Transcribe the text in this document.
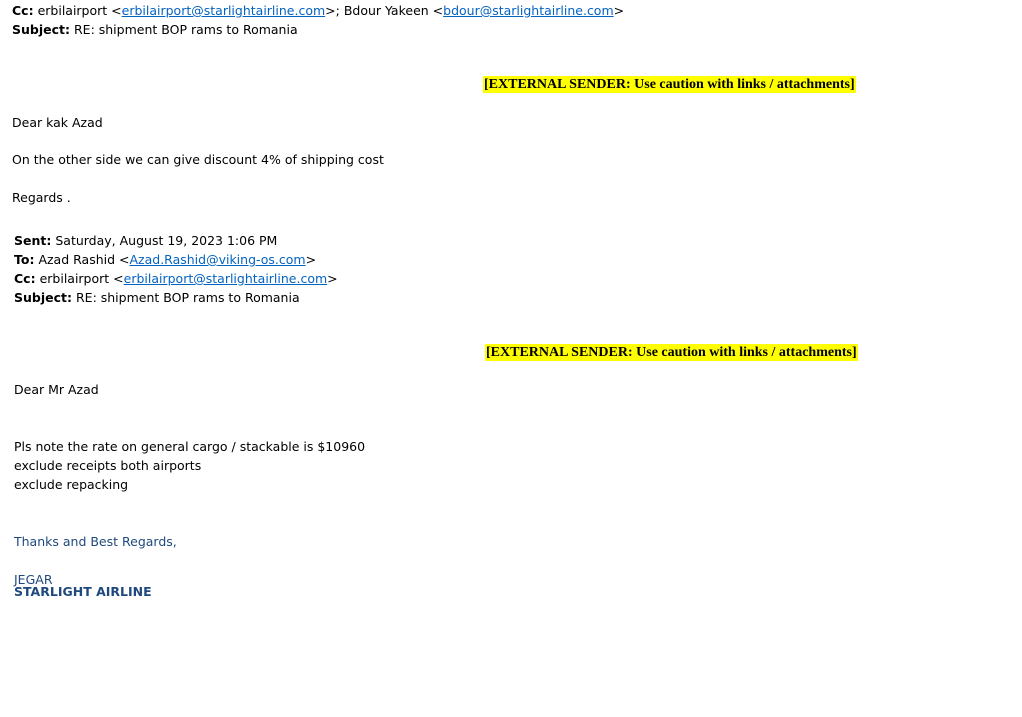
Cc: erbilairport <erbilairport@starlightairline.com>; Bdour Yakeen <bdour@starlightairline.com>
Subject: RE: shipment BOP rams to Romania
[EXTERNAL SENDER: Use caution with links / attachments]
Dear kak Azad
On the other side we can give discount 4% of shipping cost
Regards .
Sent: Saturday, August 19, 2023 1:06 PM
To: Azad Rashid <Azad.Rashid@viking-os.com>
Cc: erbilairport <erbilairport@starlightairline.com>
Subject: RE: shipment BOP rams to Romania
[EXTERNAL SENDER: Use caution with links / attachments]
Dear Mr Azad
Pls note the rate on general cargo / stackable is $10960
exclude receipts both airports
exclude repacking
Thanks and Best Regards,
JEGAR
STARLIGHT AIRLINE
